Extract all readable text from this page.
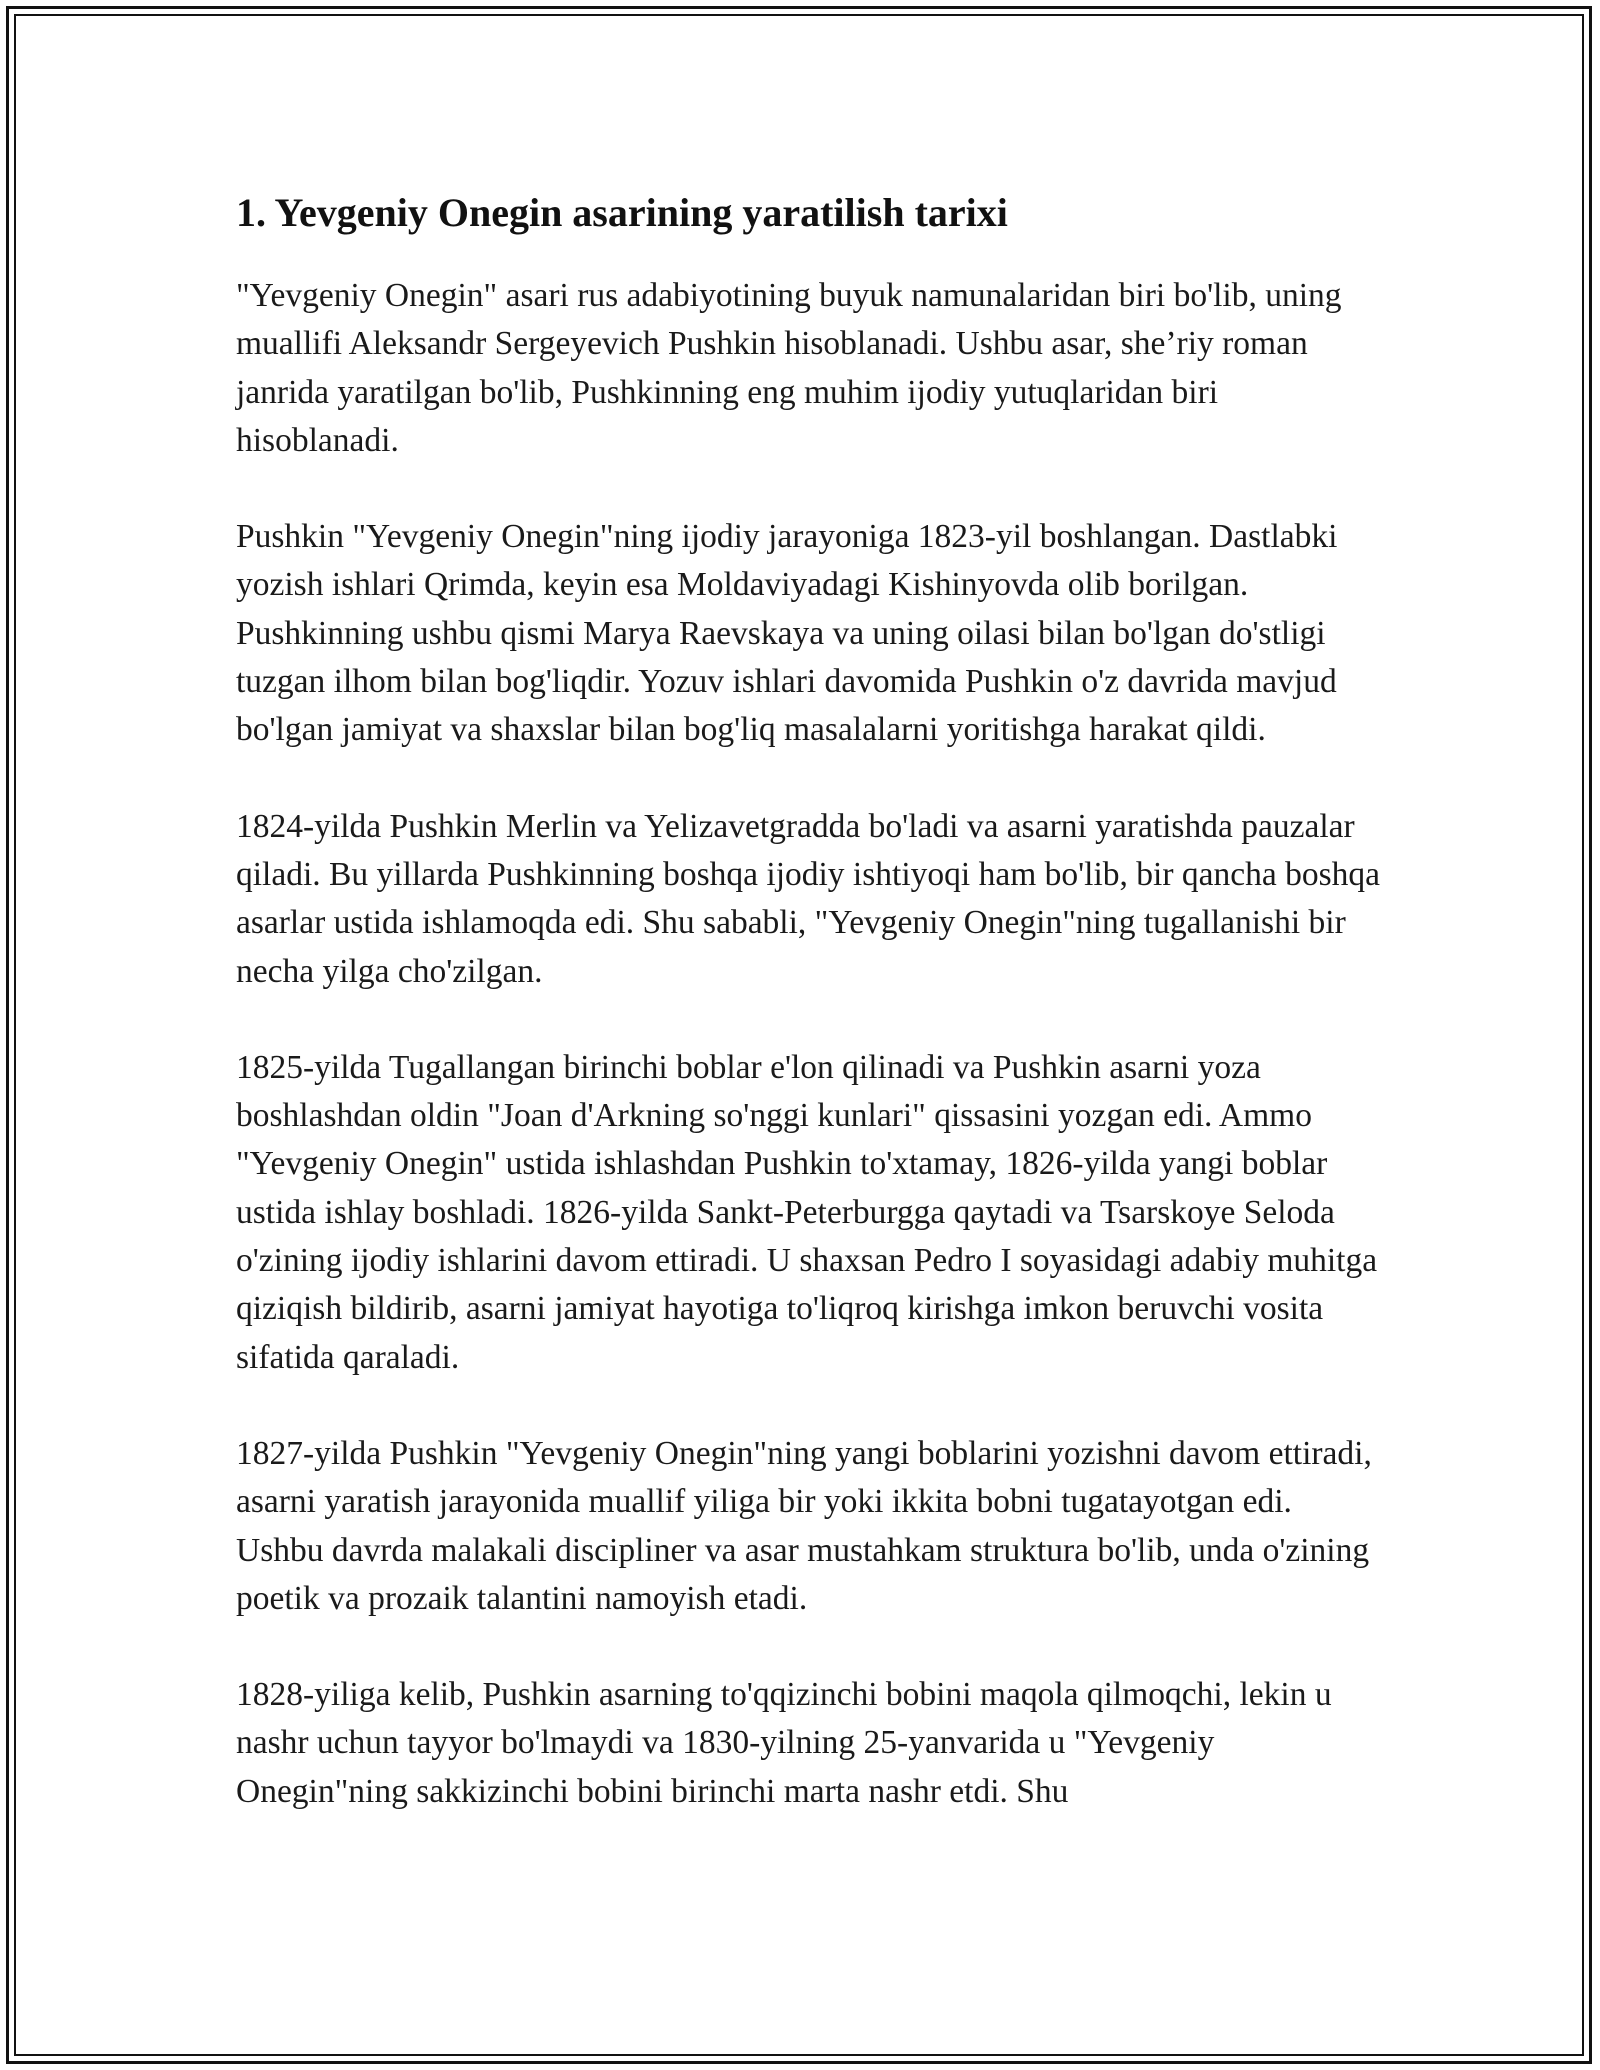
1. Yevgeniy Onegin asarining yaratilish tarixi

"Yevgeniy Onegin" asari rus adabiyotining buyuk namunalaridan biri bo'lib, uning muallifi Aleksandr Sergeyevich Pushkin hisoblanadi. Ushbu asar, she’riy roman janrida yaratilgan bo'lib, Pushkinning eng muhim ijodiy yutuqlaridan biri hisoblanadi.

Pushkin "Yevgeniy Onegin"ning ijodiy jarayoniga 1823-yil boshlangan. Dastlabki yozish ishlari Qrimda, keyin esa Moldaviyadagi Kishinyovda olib borilgan. Pushkinning ushbu qismi Marya Raevskaya va uning oilasi bilan bo'lgan do'stligi tuzgan ilhom bilan bog'liqdir. Yozuv ishlari davomida Pushkin o'z davrida mavjud bo'lgan jamiyat va shaxslar bilan bog'liq masalalarni yoritishga harakat qildi.

1824-yilda Pushkin Merlin va Yelizavetgradda bo'ladi va asarni yaratishda pauzalar qiladi. Bu yillarda Pushkinning boshqa ijodiy ishtiyoqi ham bo'lib, bir qancha boshqa asarlar ustida ishlamoqda edi. Shu sababli, "Yevgeniy Onegin"ning tugallanishi bir necha yilga cho'zilgan.

1825-yilda Tugallangan birinchi boblar e'lon qilinadi va Pushkin asarni yoza boshlashdan oldin "Joan d'Arkning so'nggi kunlari" qissasini yozgan edi. Ammo "Yevgeniy Onegin" ustida ishlashdan Pushkin to'xtamay, 1826-yilda yangi boblar ustida ishlay boshladi. 1826-yilda Sankt-Peterburgga qaytadi va Tsarskoye Seloda o'zining ijodiy ishlarini davom ettiradi. U shaxsan Pedro I soyasidagi adabiy muhitga qiziqish bildirib, asarni jamiyat hayotiga to'liqroq kirishga imkon beruvchi vosita sifatida qaraladi.

1827-yilda Pushkin "Yevgeniy Onegin"ning yangi boblarini yozishni davom ettiradi, asarni yaratish jarayonida muallif yiliga bir yoki ikkita bobni tugatayotgan edi. Ushbu davrda malakali discipliner va asar mustahkam struktura bo'lib, unda o'zining poetik va prozaik talantini namoyish etadi.

1828-yiliga kelib, Pushkin asarning to'qqizinchi bobini maqola qilmoqchi, lekin u nashr uchun tayyor bo'lmaydi va 1830-yilning 25-yanvarida u "Yevgeniy Onegin"ning sakkizinchi bobini birinchi marta nashr etdi. Shu
